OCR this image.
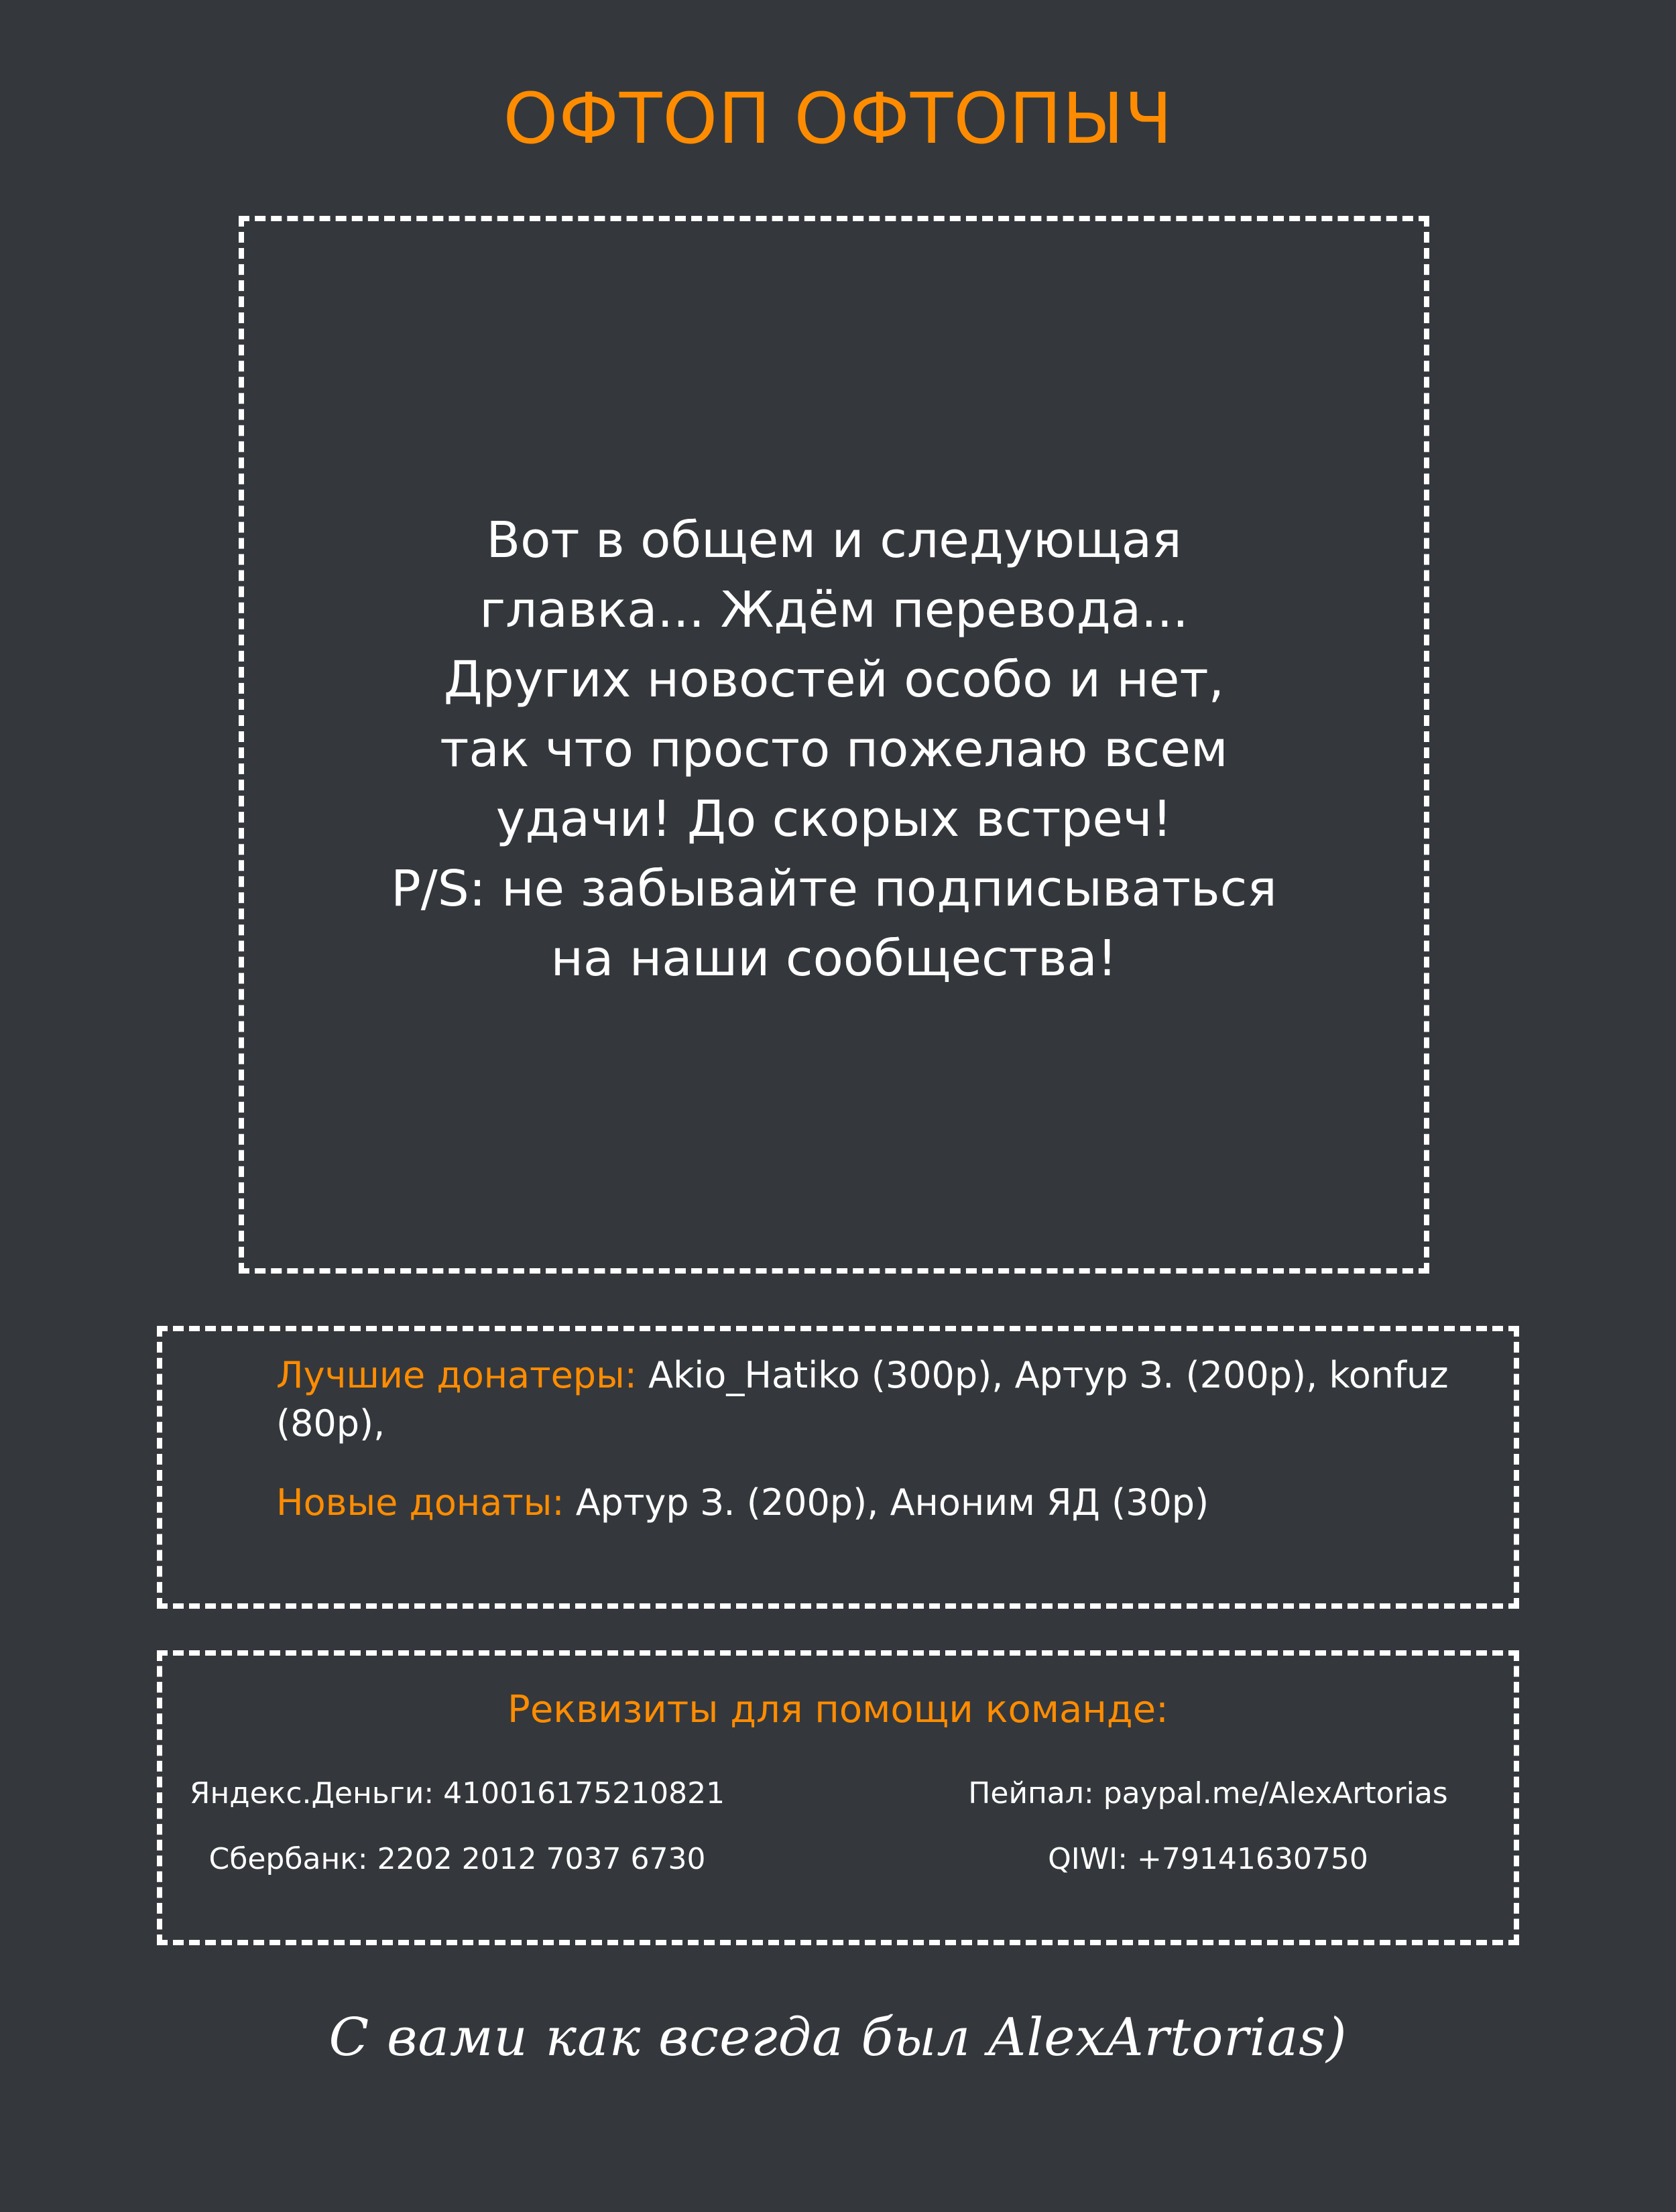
ОФТОП ОФТОПЫЧ
Вот в общем и следующая
главка... Ждём перевода...
Других новостей особо и нет,
так что просто пожелаю всем
удачи! До скорых встреч!
P/S: не забывайте подписываться
на наши сообщества!
Лучшие донатеры: Akio_Hatiko (300р), Артур З. (200р), konfuz (80р),
Новые донаты: Артур З. (200р), Аноним ЯД (30р)
Реквизиты для помощи команде:
Яндекс.Деньги: 410016175210821	Пейпал: paypal.me/AlexArtorias
Сбербанк: 2202 2012 7037 6730	QIWI: +79141630750
С вами как всегда был AlexArtorias)
